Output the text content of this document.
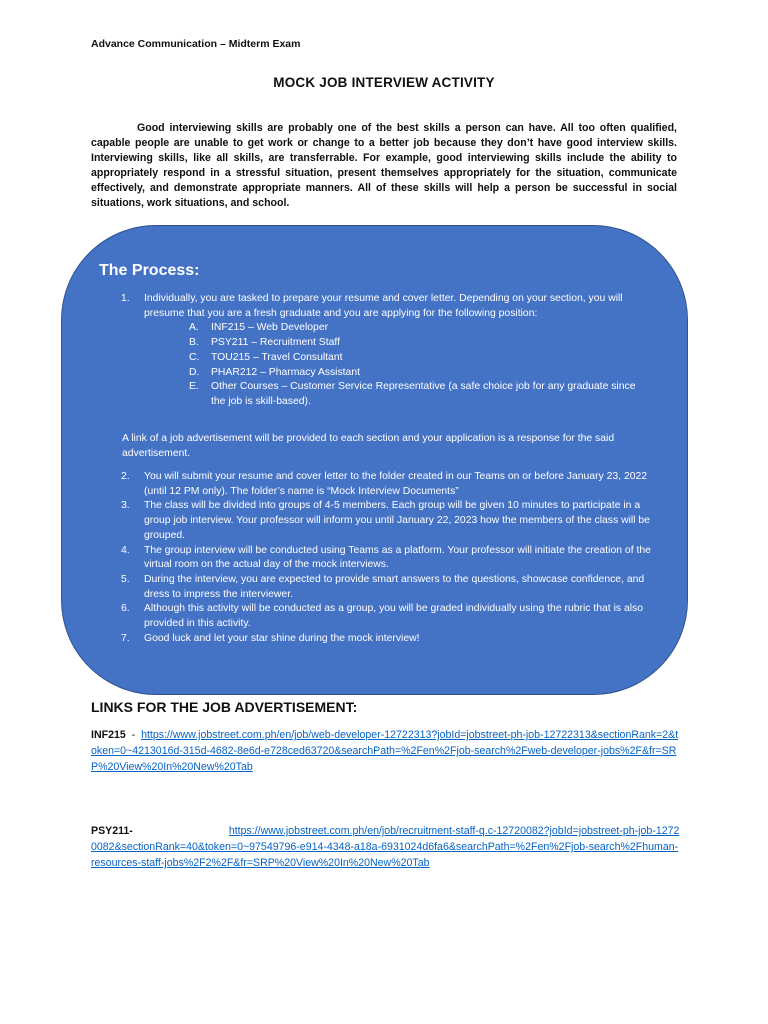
Advance Communication – Midterm Exam
MOCK JOB INTERVIEW ACTIVITY

Good interviewing skills are probably one of the best skills a person can have. All too often qualified, capable people are unable to get work or change to a better job because they don’t have good interview skills. Interviewing skills, like all skills, are transferrable. For example, good interviewing skills include the ability to appropriately respond in a stressful situation, present themselves appropriately for the situation, communicate effectively, and demonstrate appropriate manners. All of these skills will help a person be successful in social situations, work situations, and school.

The Process:
1. Individually, you are tasked to prepare your resume and cover letter. Depending on your section, you will presume that you are a fresh graduate and you are applying for the following position:
A. INF215 – Web Developer
B. PSY211 – Recruitment Staff
C. TOU215 – Travel Consultant
D. PHAR212 – Pharmacy Assistant
E. Other Courses – Customer Service Representative (a safe choice job for any graduate since the job is skill-based).
A link of a job advertisement will be provided to each section and your application is a response for the said advertisement.
2. You will submit your resume and cover letter to the folder created in our Teams on or before January 23, 2022 (until 12 PM only). The folder’s name is “Mock Interview Documents”
3. The class will be divided into groups of 4-5 members. Each group will be given 10 minutes to participate in a group job interview. Your professor will inform you until January 22, 2023 how the members of the class will be grouped.
4. The group interview will be conducted using Teams as a platform. Your professor will initiate the creation of the virtual room on the actual day of the mock interviews.
5. During the interview, you are expected to provide smart answers to the questions, showcase confidence, and dress to impress the interviewer.
6. Although this activity will be conducted as a group, you will be graded individually using the rubric that is also provided in this activity.
7. Good luck and let your star shine during the mock interview!
LINKS FOR THE JOB ADVERTISEMENT:
INF215  -  https://www.jobstreet.com.ph/en/job/web-developer-12722313?jobId=jobstreet-ph-job-12722313&sectionRank=2&token=0~4213016d-315d-4682-8e6d-e728ced63720&searchPath=%2Fen%2Fjob-search%2Fweb-developer-jobs%2F&fr=SRP%20View%20In%20New%20Tab
PSY211-	https://www.jobstreet.com.ph/en/job/recruitment-staff-q.c-12720082?jobId=jobstreet-ph-job-12720082&sectionRank=40&token=0~97549796-e914-4348-a18a-6931024d6fa6&searchPath=%2Fen%2Fjob-search%2Fhuman-resources-staff-jobs%2F2%2F&fr=SRP%20View%20In%20New%20Tab
